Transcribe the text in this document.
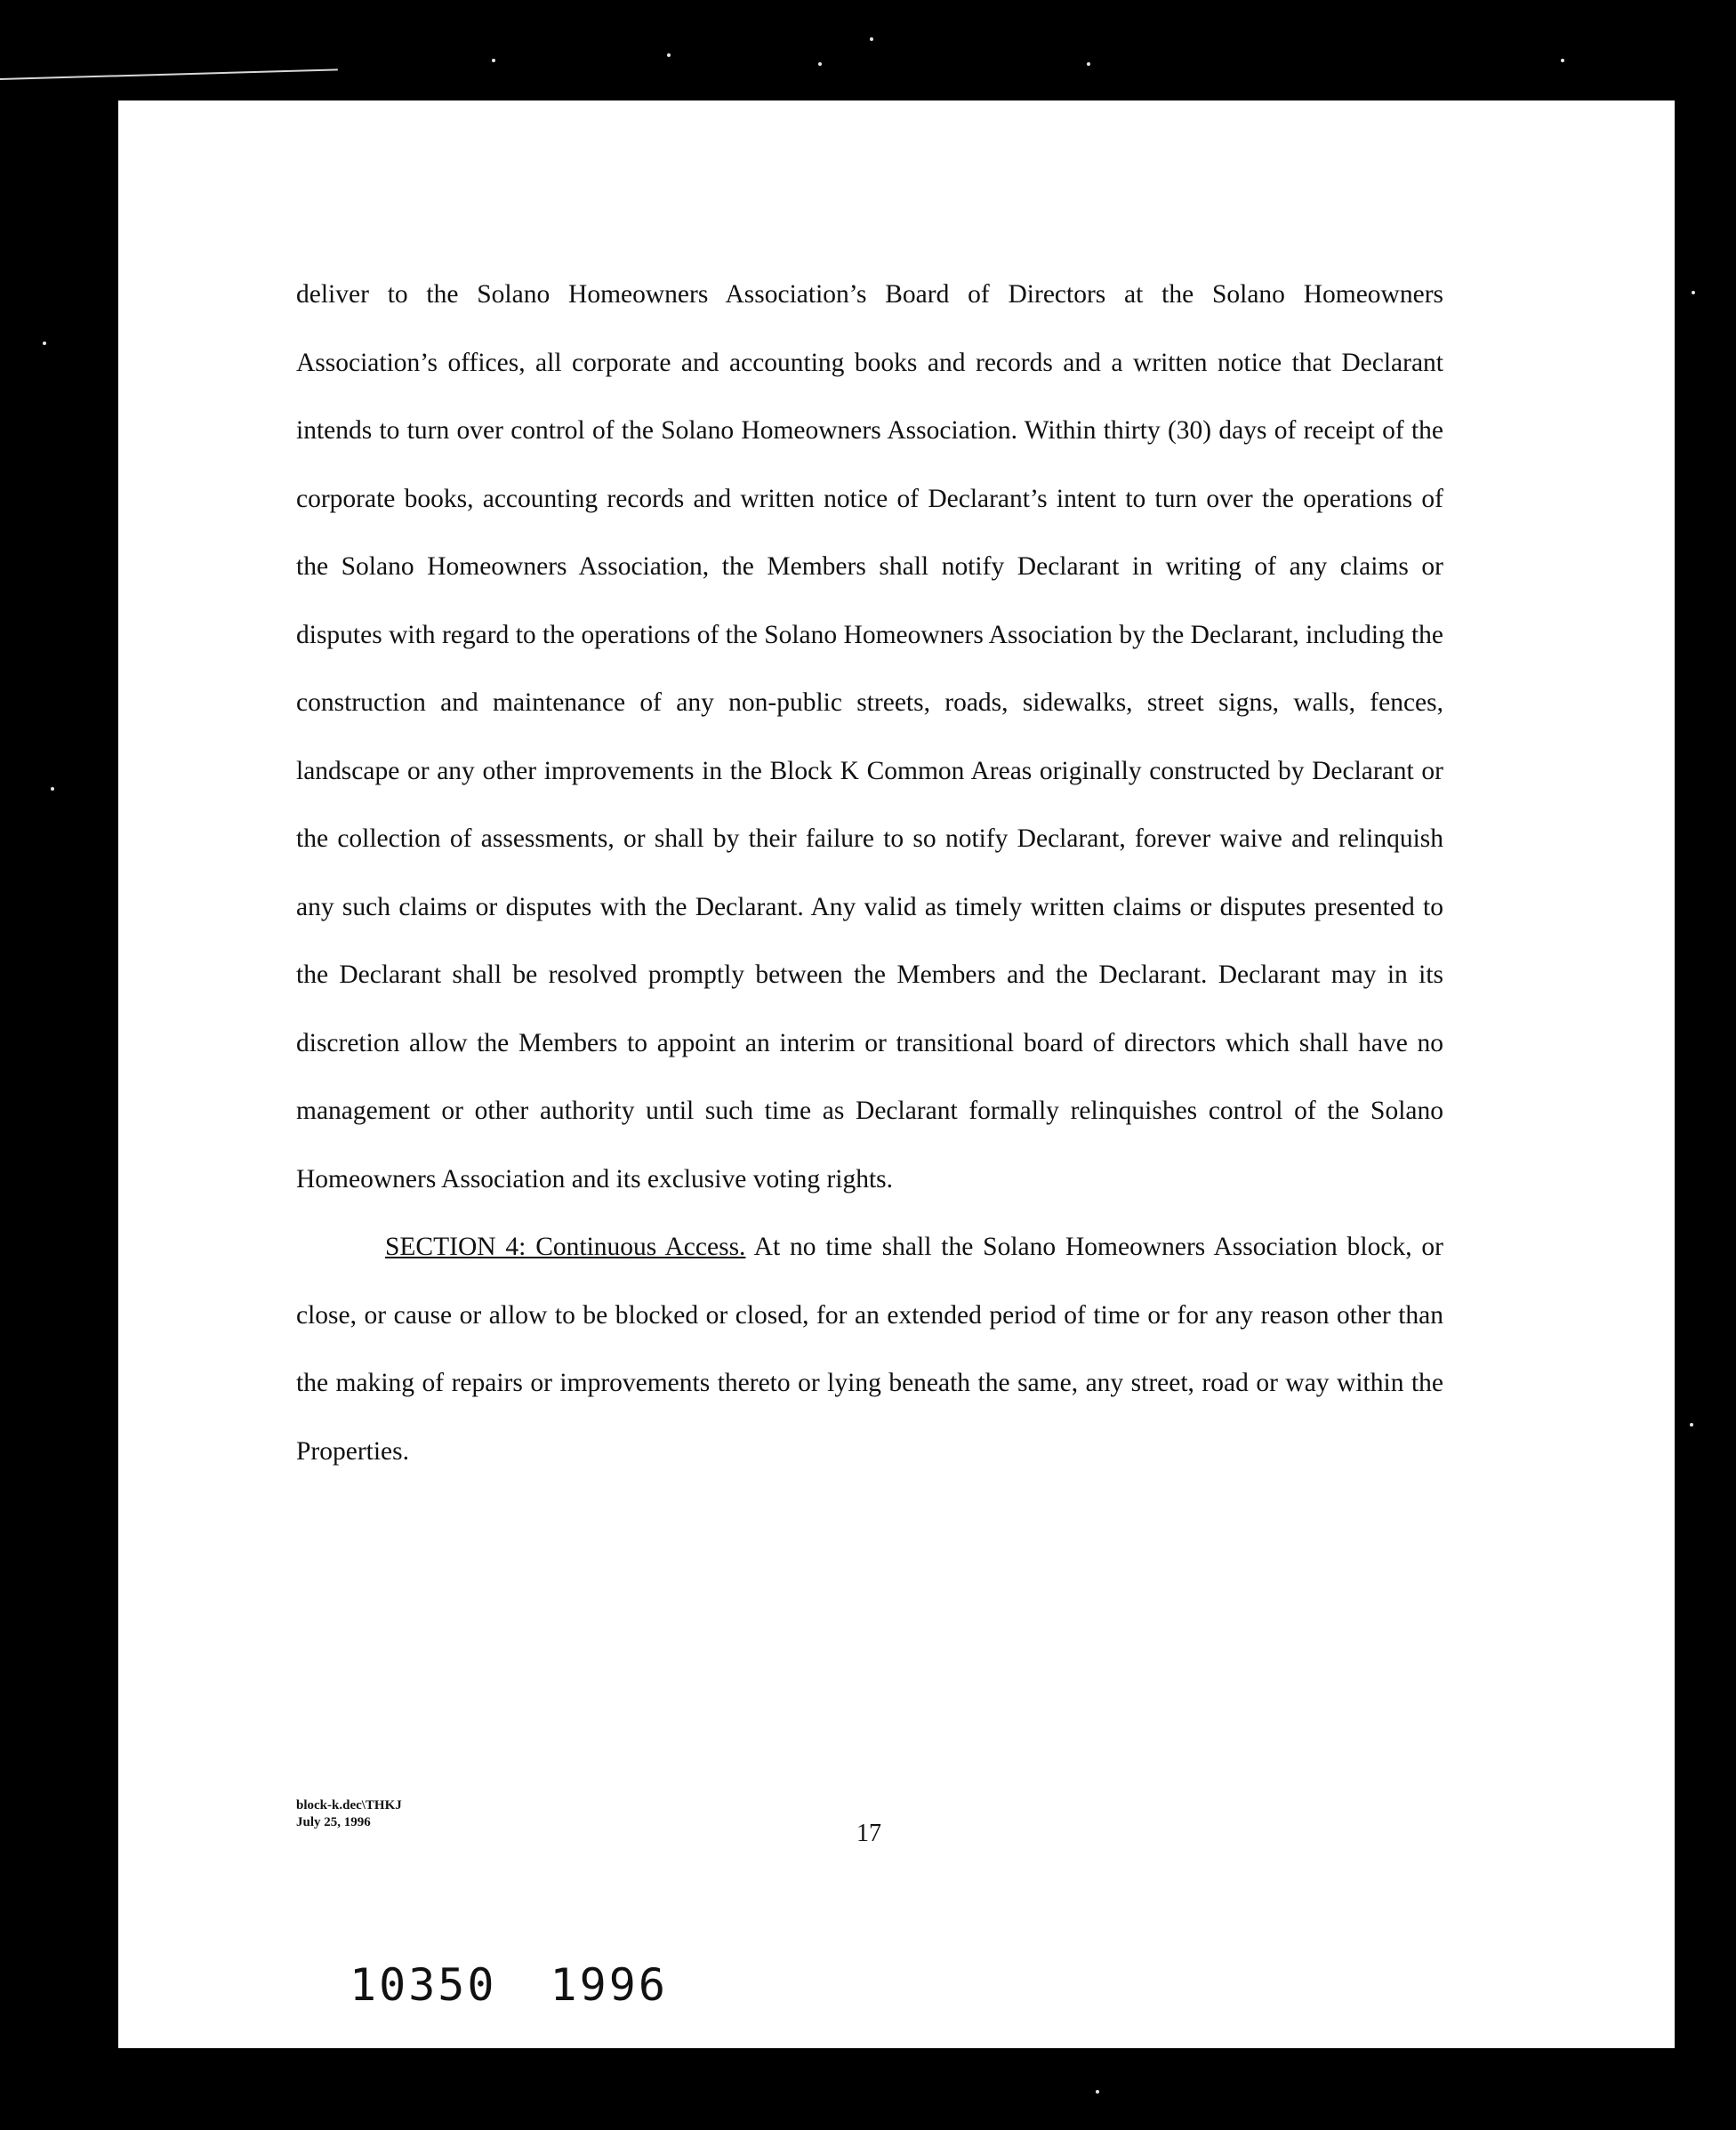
deliver to the Solano Homeowners Association’s Board of Directors at the Solano Homeowners Association’s offices, all corporate and accounting books and records and a written notice that Declarant intends to turn over control of the Solano Homeowners Association. Within thirty (30) days of receipt of the corporate books, accounting records and written notice of Declarant’s intent to turn over the operations of the Solano Homeowners Association, the Members shall notify Declarant in writing of any claims or disputes with regard to the operations of the Solano Homeowners Association by the Declarant, including the construction and maintenance of any non-public streets, roads, sidewalks, street signs, walls, fences, landscape or any other improvements in the Block K Common Areas originally constructed by Declarant or the collection of assessments, or shall by their failure to so notify Declarant, forever waive and relinquish any such claims or disputes with the Declarant. Any valid as timely written claims or disputes presented to the Declarant shall be resolved promptly between the Members and the Declarant. Declarant may in its discretion allow the Members to appoint an interim or transitional board of directors which shall have no management or other authority until such time as Declarant formally relinquishes control of the Solano Homeowners Association and its exclusive voting rights.

SECTION 4: Continuous Access. At no time shall the Solano Homeowners Association block, or close, or cause or allow to be blocked or closed, for an extended period of time or for any reason other than the making of repairs or improvements thereto or lying beneath the same, any street, road or way within the Properties.

block-k.dec\THKJ
July 25, 1996	17
10350 1996
